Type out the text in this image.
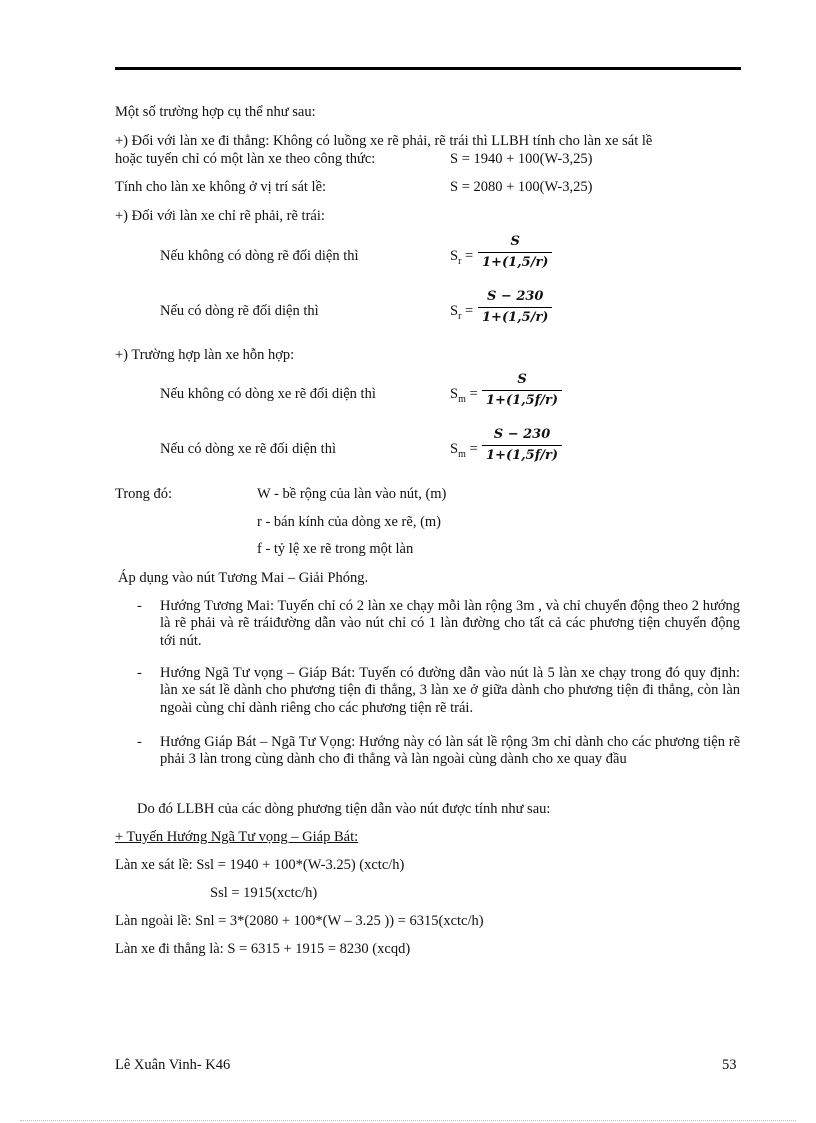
Một số trường hợp cụ thể như sau:
+) Đối với làn xe đi thẳng: Không có luồng xe rẽ phải, rẽ trái thì LLBH tính cho làn xe sát lề
hoặc tuyến chỉ có một làn xe theo công thức:	S = 1940 + 100(W-3,25)
Tính cho làn xe không ở vị trí sát lề:	S = 2080 + 100(W-3,25)
+) Đối với làn xe chỉ rẽ phải, rẽ trái:
Nếu không có dòng rẽ đối diện thì	$S_r = \frac{S}{1+(1,5/r)}$
Nếu có dòng rẽ đối diện thì	$S_r = \frac{S - 230}{1+(1,5/r)}$
+) Trường hợp làn xe hỗn hợp:
Nếu không có dòng xe rẽ đối diện thì	$S_m = \frac{S}{1+(1,5f/r)}$
Nếu có dòng xe rẽ đối diện thì	$S_m = \frac{S - 230}{1+(1,5f/r)}$
Trong đó:	W - bề rộng của làn vào nút, (m)
r - bán kính của dòng xe rẽ, (m)
f - tỷ lệ xe rẽ trong một làn
Áp dụng vào nút Tương Mai – Giải Phóng.
- Hướng Tương Mai: Tuyến chỉ có 2 làn xe chạy mỗi làn rộng 3m , và chỉ chuyển động theo 2 hướng là rẽ phải và rẽ tráiđường dẫn vào nút chỉ có 1 làn đường cho tất cả các phương tiện chuyển động tới nút.
- Hướng Ngã Tư vọng – Giáp Bát: Tuyến có đường dẫn vào nút là 5 làn xe chạy trong đó quy định: làn xe sát lề dành cho phương tiện đi thẳng, 3 làn xe ở giữa dành cho phương tiện đi thẳng, còn làn ngoài cùng chỉ dành riêng cho các phương tiện rẽ trái.
- Hướng Giáp Bát – Ngã Tư Vọng: Hướng này có làn sát lề rộng 3m chỉ dành cho các phương tiện rẽ phải 3 làn trong cùng dành cho đi thẳng và làn ngoài cùng dành cho xe quay đầu
Do đó LLBH của các dòng phương tiện dẫn vào nút được tính như sau:
+ Tuyến Hướng Ngã Tư vọng – Giáp Bát:
Làn xe sát lề: Ssl = 1940 + 100*(W-3.25) (xctc/h)
Ssl = 1915(xctc/h)
Làn ngoài lề: Snl = 3*(2080 + 100*(W – 3.25 )) = 6315(xctc/h)
Làn xe đi thẳng là: S = 6315 + 1915 = 8230 (xcqd)
Lê Xuân Vinh- K46	53
